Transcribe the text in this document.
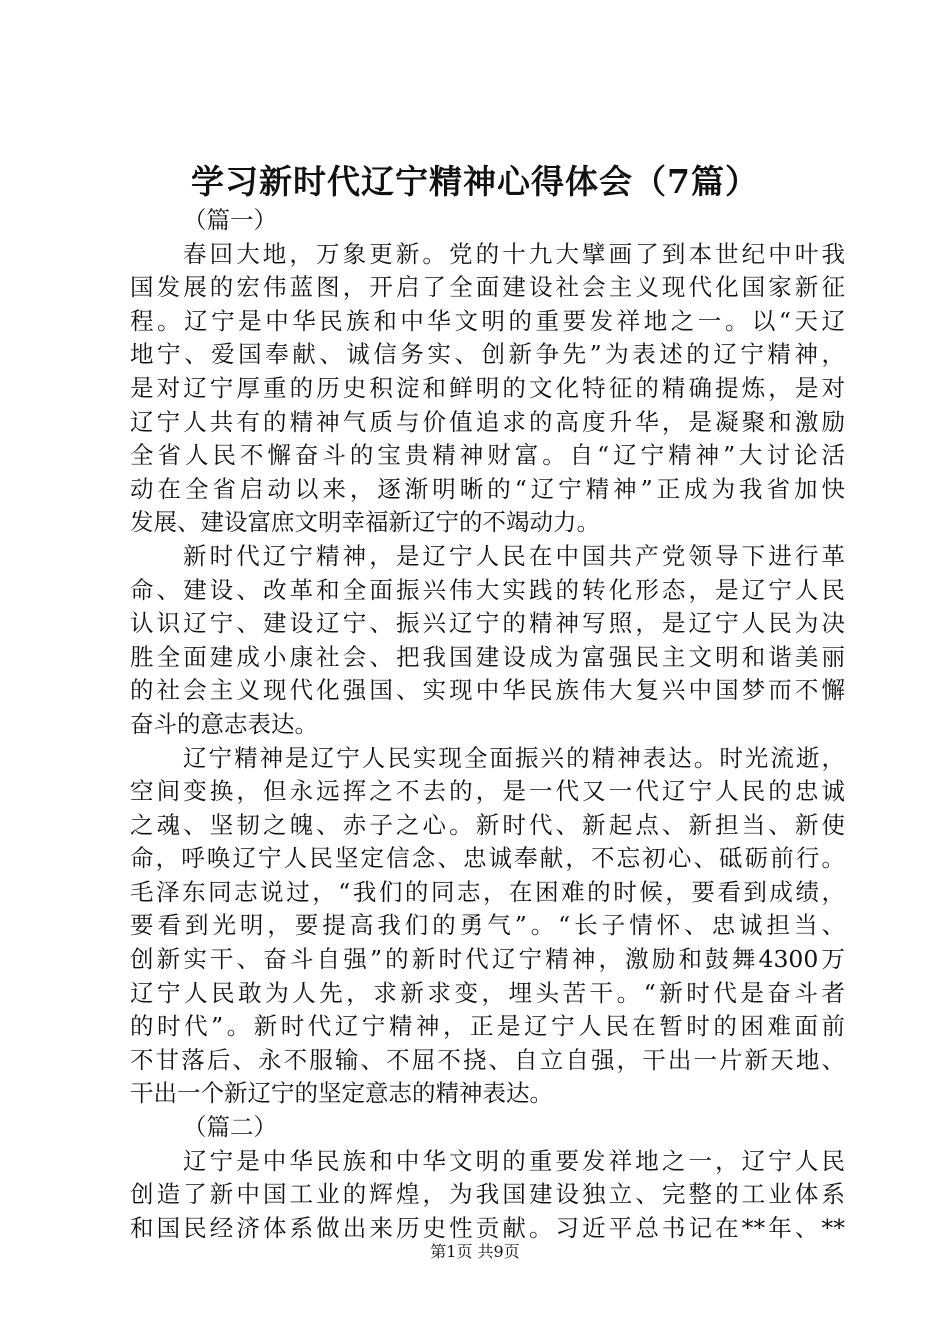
学习新时代辽宁精神心得体会（7篇）
（篇一）
春回大地，万象更新。党的十九大擘画了到本世纪中叶我
国发展的宏伟蓝图，开启了全面建设社会主义现代化国家新征
程。辽宁是中华民族和中华文明的重要发祥地之一。以“天辽
地宁、爱国奉献、诚信务实、创新争先”为表述的辽宁精神，
是对辽宁厚重的历史积淀和鲜明的文化特征的精确提炼，是对
辽宁人共有的精神气质与价值追求的高度升华，是凝聚和激励
全省人民不懈奋斗的宝贵精神财富。自“辽宁精神”大讨论活
动在全省启动以来，逐渐明晰的“辽宁精神”正成为我省加快
发展、建设富庶文明幸福新辽宁的不竭动力。
新时代辽宁精神，是辽宁人民在中国共产党领导下进行革
命、建设、改革和全面振兴伟大实践的转化形态，是辽宁人民
认识辽宁、建设辽宁、振兴辽宁的精神写照，是辽宁人民为决
胜全面建成小康社会、把我国建设成为富强民主文明和谐美丽
的社会主义现代化强国、实现中华民族伟大复兴中国梦而不懈
奋斗的意志表达。
辽宁精神是辽宁人民实现全面振兴的精神表达。时光流逝，
空间变换，但永远挥之不去的，是一代又一代辽宁人民的忠诚
之魂、坚韧之魄、赤子之心。新时代、新起点、新担当、新使
命，呼唤辽宁人民坚定信念、忠诚奉献，不忘初心、砥砺前行。
毛泽东同志说过，“我们的同志，在困难的时候，要看到成绩，
要看到光明，要提高我们的勇气”。“长子情怀、忠诚担当、
创新实干、奋斗自强”的新时代辽宁精神，激励和鼓舞4300万
辽宁人民敢为人先，求新求变，埋头苦干。“新时代是奋斗者
的时代”。新时代辽宁精神，正是辽宁人民在暂时的困难面前
不甘落后、永不服输、不屈不挠、自立自强，干出一片新天地、
干出一个新辽宁的坚定意志的精神表达。
（篇二）
辽宁是中华民族和中华文明的重要发祥地之一，辽宁人民
创造了新中国工业的辉煌，为我国建设独立、完整的工业体系
和国民经济体系做出来历史性贡献。习近平总书记在**年、**
第1页 共9页
